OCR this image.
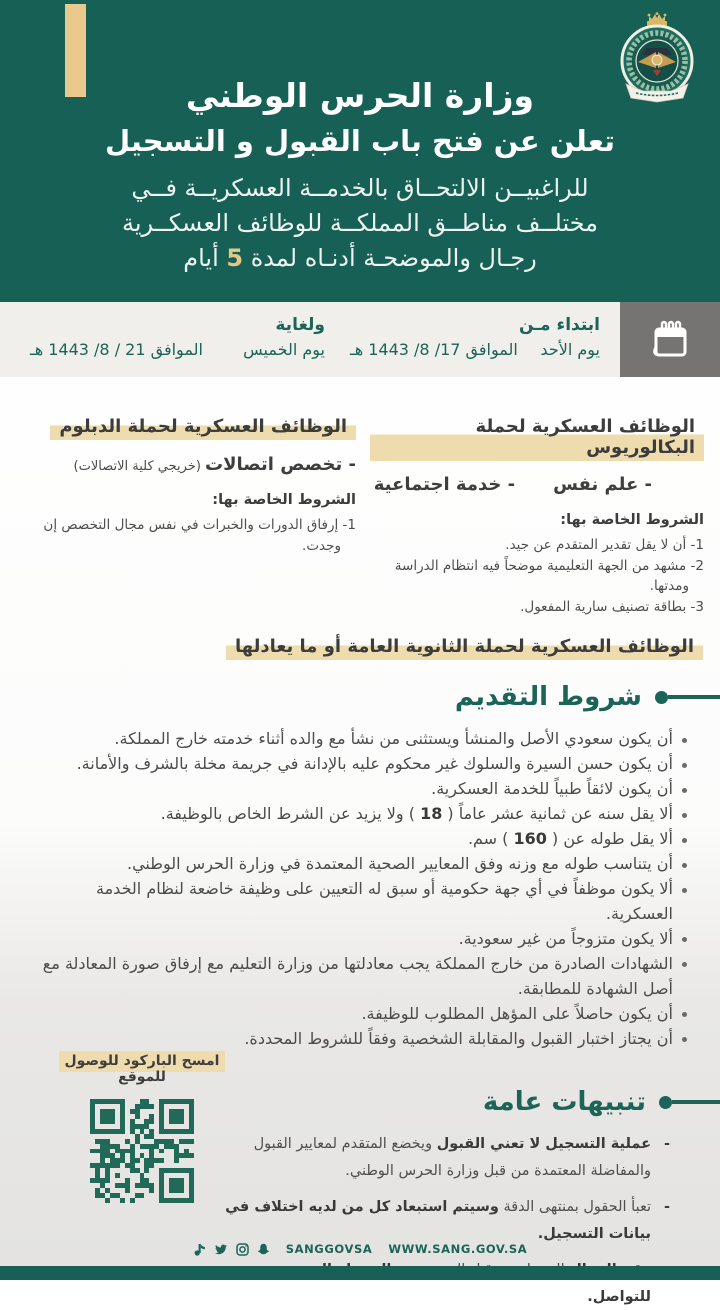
وزارة الحرس الوطني
تعلن عن فتح باب القبول و التسجيل
للراغبيــن الالتحــاق بالخدمــة العسكريــة فــي
مختلــف مناطــق المملكــة للوظائف العسكــرية
رجـال والموضحـة أدنـاه لمدة 5 أيام
ابتداء مـن
يوم الأحد
الموافق 17/ 8/ 1443 هـ
ولغاية
يوم الخميس
الموافق 21 / 8/ 1443 هـ
الوظائف العسكرية لحملة البكالوريوس
- علم نفس
- خدمة اجتماعية
الشروط الخاصة بها:
1- أن لا يقل تقدير المتقدم عن جيد.
2- مشهد من الجهة التعليمية موضحاً فيه انتظام الدراسة ومدتها.
3- بطاقة تصنيف سارية المفعول.
الوظائف العسكرية لحملة الدبلوم
- تخصص اتصالات (خريجي كلية الاتصالات)
الشروط الخاصة بها:
1- إرفاق الدورات والخبرات في نفس مجال التخصص إن وجدت.
الوظائف العسكرية لحملة الثانوية العامة أو ما يعادلها
شروط التقديم
أن يكون سعودي الأصل والمنشأ ويستثنى من نشأ مع والده أثناء خدمته خارج المملكة.
أن يكون حسن السيرة والسلوك غير محكوم عليه بالإدانة في جريمة مخلة بالشرف والأمانة.
أن يكون لائقاً طبياً للخدمة العسكرية.
ألا يقل سنه عن ثمانية عشر عاماً ( 18 ) ولا يزيد عن الشرط الخاص بالوظيفة.
ألا يقل طوله عن ( 160 ) سم.
أن يتناسب طوله مع وزنه وفق المعايير الصحية المعتمدة في وزارة الحرس الوطني.
ألا يكون موظفاً في أي جهة حكومية أو سبق له التعيين على وظيفة خاضعة لنظام الخدمة العسكرية.
ألا يكون متزوجاً من غير سعودية.
الشهادات الصادرة من خارج المملكة يجب معادلتها من وزارة التعليم مع إرفاق صورة المعادلة مع أصل الشهادة للمطابقة.
أن يكون حاصلاً على المؤهل المطلوب للوظيفة.
أن يجتاز اختبار القبول والمقابلة الشخصية وفقاً للشروط المحددة.
تنبيهات عامة
- عملية التسجيل لا تعني القبول ويخضع المتقدم لمعايير القبول والمفاضلة المعتمدة من قبل وزارة الحرس الوطني.
- تعبأ الحقول بمنتهى الدقة وسيتم استبعاد كل من لديه اختلاف في بيانات التسجيل.
- للتواصل.
امسح الباركود للوصول للموقع
SANGGOVSA WWW.SANG.GOV.SA
